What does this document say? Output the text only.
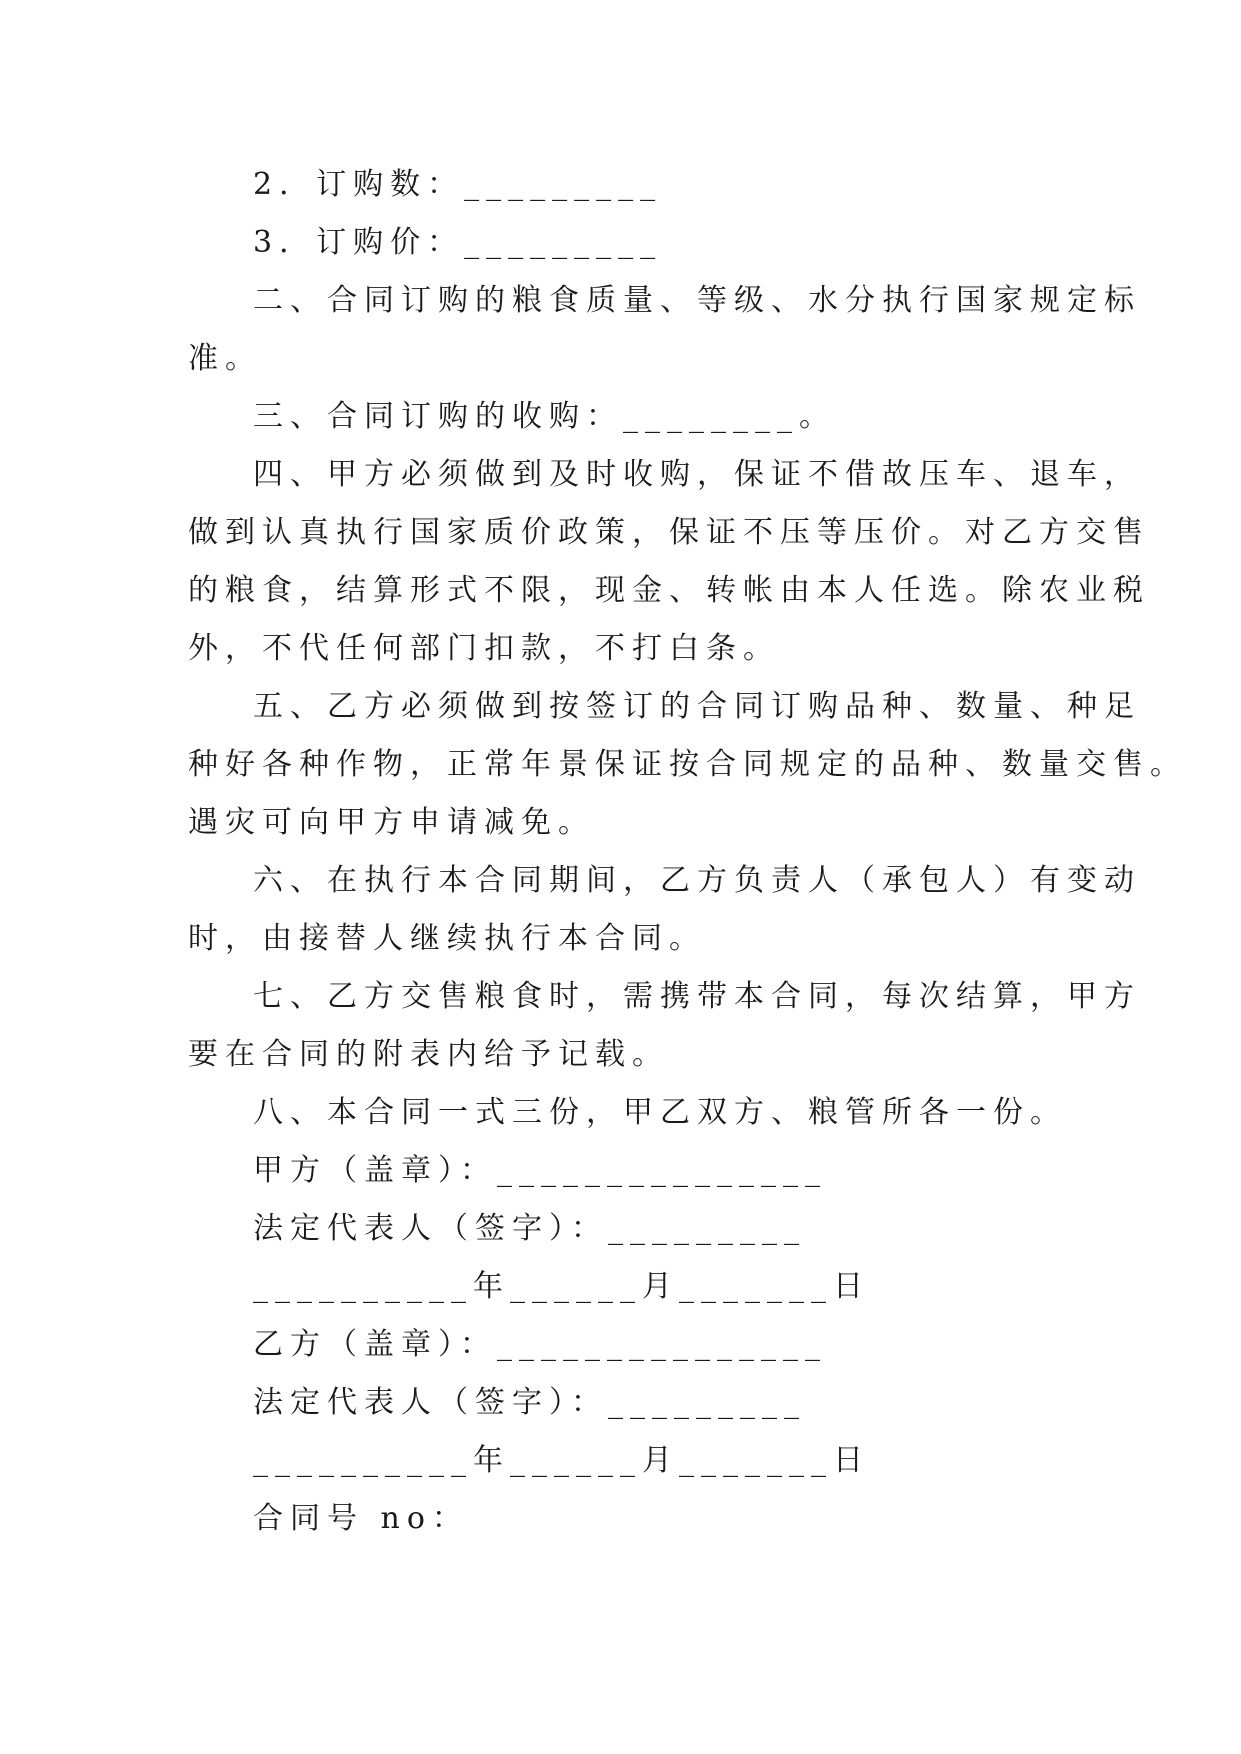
2．订购数：_________
3．订购价：_________
二、合同订购的粮食质量、等级、水分执行国家规定标
准。
三、合同订购的收购：________。
四、甲方必须做到及时收购，保证不借故压车、退车，
做到认真执行国家质价政策，保证不压等压价。对乙方交售
的粮食，结算形式不限，现金、转帐由本人任选。除农业税
外，不代任何部门扣款，不打白条。
五、乙方必须做到按签订的合同订购品种、数量、种足
种好各种作物，正常年景保证按合同规定的品种、数量交售。
遇灾可向甲方申请减免。
六、在执行本合同期间，乙方负责人（承包人）有变动
时，由接替人继续执行本合同。
七、乙方交售粮食时，需携带本合同，每次结算，甲方
要在合同的附表内给予记载。
八、本合同一式三份，甲乙双方、粮管所各一份。
甲方（盖章）：_______________
法定代表人（签字）：_________
__________年______月_______日
乙方（盖章）：_______________
法定代表人（签字）：_________
__________年______月_______日
合同号 no：
